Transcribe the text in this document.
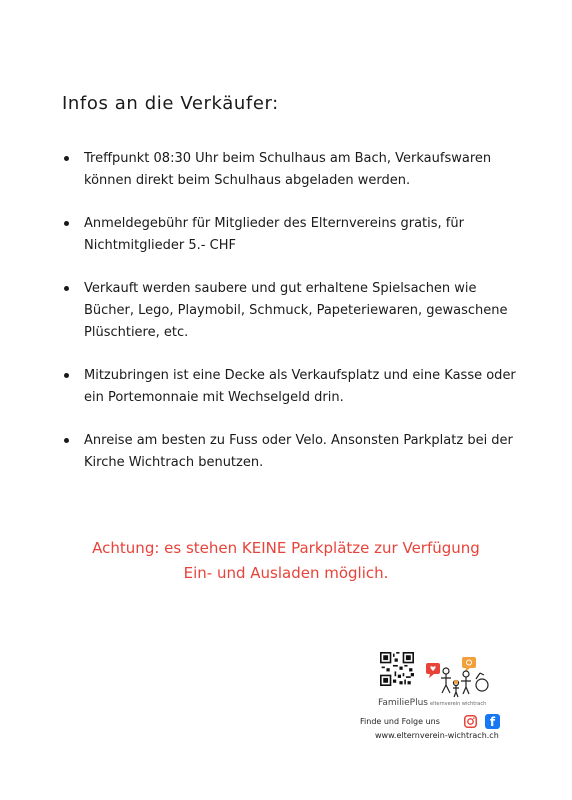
Infos an die Verkäufer:
Treffpunkt 08:30 Uhr beim Schulhaus am Bach, Verkaufswaren können direkt beim Schulhaus abgeladen werden.
Anmeldegebühr für Mitglieder des Elternvereins gratis, für Nichtmitglieder 5.- CHF
Verkauft werden saubere und gut erhaltene Spielsachen wie Bücher, Lego, Playmobil, Schmuck, Papeteriewaren, gewaschene Plüschtiere, etc.
Mitzubringen ist eine Decke als Verkaufsplatz und eine Kasse oder ein Portemonnaie mit Wechselgeld drin.
Anreise am besten zu Fuss oder Velo. Ansonsten Parkplatz bei der Kirche Wichtrach benutzen.
Achtung: es stehen KEINE Parkplätze zur Verfügung
Ein- und Ausladen möglich.
FamiliePlus elternverein wichtrach
Finde und Folge uns	f
www.elternverein-wichtrach.ch
